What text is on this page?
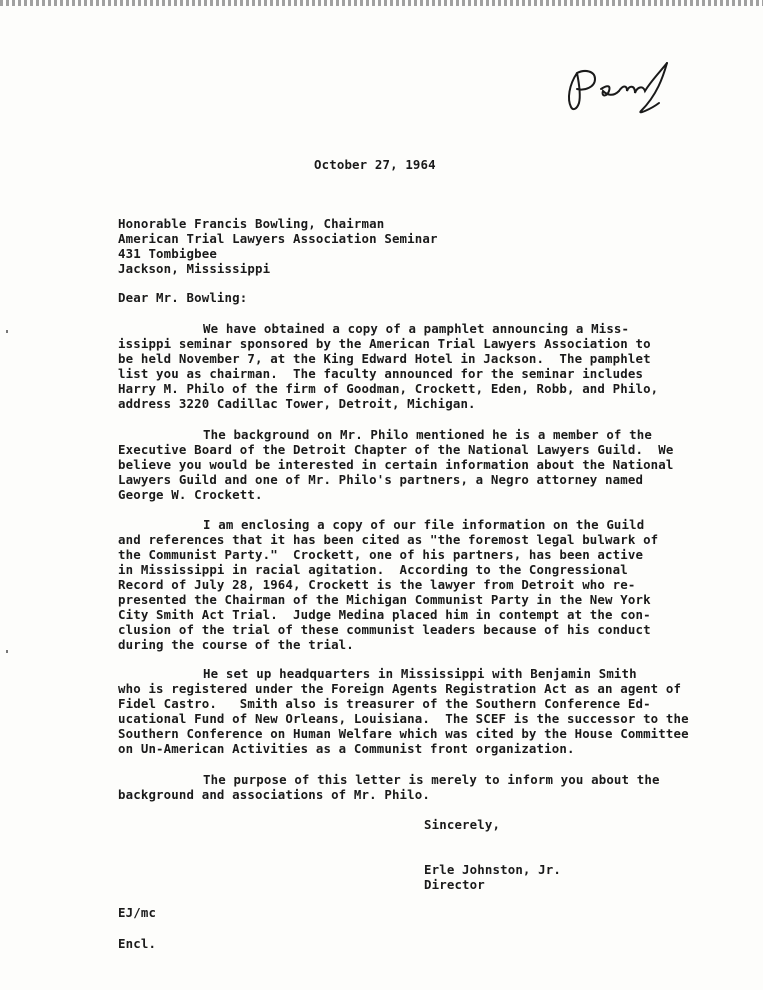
October 27, 1964
Honorable Francis Bowling, Chairman
American Trial Lawyers Association Seminar
431 Tombigbee
Jackson, Mississippi
Dear Mr. Bowling:
We have obtained a copy of a pamphlet announcing a Miss-
issippi seminar sponsored by the American Trial Lawyers Association to
be held November 7, at the King Edward Hotel in Jackson.  The pamphlet
list you as chairman.  The faculty announced for the seminar includes
Harry M. Philo of the firm of Goodman, Crockett, Eden, Robb, and Philo,
address 3220 Cadillac Tower, Detroit, Michigan.
The background on Mr. Philo mentioned he is a member of the
Executive Board of the Detroit Chapter of the National Lawyers Guild.  We
believe you would be interested in certain information about the National
Lawyers Guild and one of Mr. Philo's partners, a Negro attorney named
George W. Crockett.
I am enclosing a copy of our file information on the Guild
and references that it has been cited as "the foremost legal bulwark of
the Communist Party."  Crockett, one of his partners, has been active
in Mississippi in racial agitation.  According to the Congressional
Record of July 28, 1964, Crockett is the lawyer from Detroit who re-
presented the Chairman of the Michigan Communist Party in the New York
City Smith Act Trial.  Judge Medina placed him in contempt at the con-
clusion of the trial of these communist leaders because of his conduct
during the course of the trial.
He set up headquarters in Mississippi with Benjamin Smith
who is registered under the Foreign Agents Registration Act as an agent of
Fidel Castro.   Smith also is treasurer of the Southern Conference Ed-
ucational Fund of New Orleans, Louisiana.  The SCEF is the successor to the
Southern Conference on Human Welfare which was cited by the House Committee
on Un-American Activities as a Communist front organization.
The purpose of this letter is merely to inform you about the
background and associations of Mr. Philo.
Sincerely,
Erle Johnston, Jr.
Director
EJ/mc
Encl.
